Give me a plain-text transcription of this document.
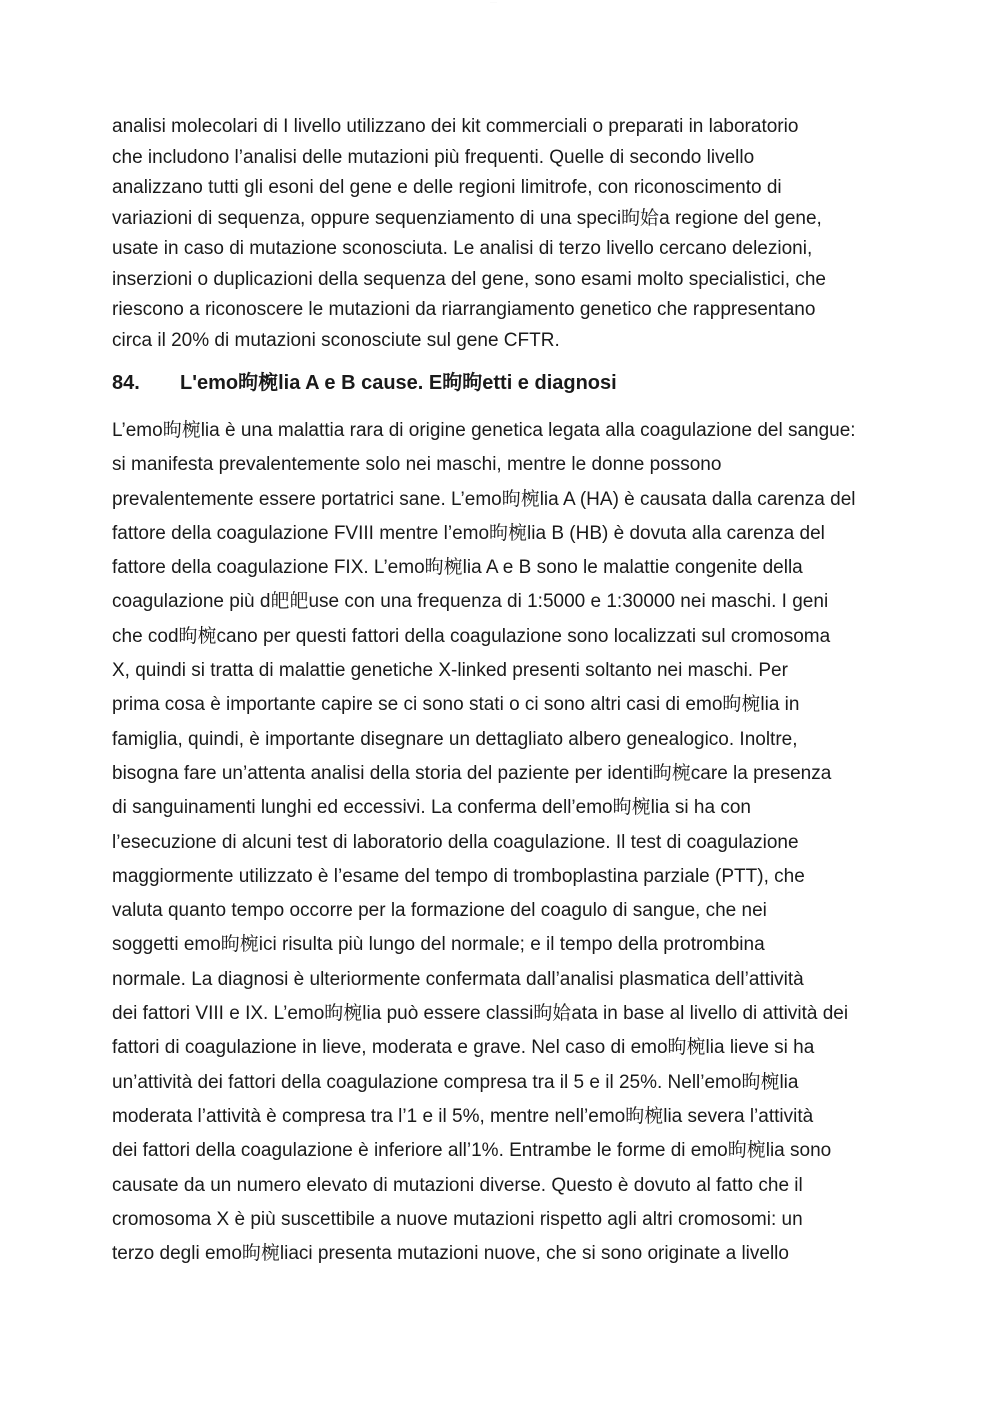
·······

analisi molecolari di I livello utilizzano dei kit commerciali o preparati in laboratorio
che includono l’analisi delle mutazioni più frequenti. Quelle di secondo livello
analizzano tutti gli esoni del gene e delle regioni limitrofe, con riconoscimento di
variazioni di sequenza, oppure sequenziamento di una speci昫姶a regione del gene,
usate in caso di mutazione sconosciuta. Le analisi di terzo livello cercano delezioni,
inserzioni o duplicazioni della sequenza del gene, sono esami molto specialistici, che
riescono a riconoscere le mutazioni da riarrangiamento genetico che rappresentano
circa il 20% di mutazioni sconosciute sul gene CFTR.

84. L'emo昫椀lia A e B cause. E昫昫etti e diagnosi

L’emo昫椀lia è una malattia rara di origine genetica legata alla coagulazione del sangue:
si manifesta prevalentemente solo nei maschi, mentre le donne possono
prevalentemente essere portatrici sane. L’emo昫椀lia A (HA) è causata dalla carenza del
fattore della coagulazione FVIII mentre l’emo昫椀lia B (HB) è dovuta alla carenza del
fattore della coagulazione FIX. L’emo昫椀lia A e B sono le malattie congenite della
coagulazione più d皅皅use con una frequenza di 1:5000 e 1:30000 nei maschi. I geni
che cod昫椀cano per questi fattori della coagulazione sono localizzati sul cromosoma
X, quindi si tratta di malattie genetiche X-linked presenti soltanto nei maschi. Per
prima cosa è importante capire se ci sono stati o ci sono altri casi di emo昫椀lia in
famiglia, quindi, è importante disegnare un dettagliato albero genealogico. Inoltre,
bisogna fare un’attenta analisi della storia del paziente per identi昫椀care la presenza
di sanguinamenti lunghi ed eccessivi. La conferma dell’emo昫椀lia si ha con
l’esecuzione di alcuni test di laboratorio della coagulazione. Il test di coagulazione
maggiormente utilizzato è l’esame del tempo di tromboplastina parziale (PTT), che
valuta quanto tempo occorre per la formazione del coagulo di sangue, che nei
soggetti emo昫椀ici risulta più lungo del normale; e il tempo della protrombina
normale. La diagnosi è ulteriormente confermata dall’analisi plasmatica dell’attività
dei fattori VIII e IX. L’emo昫椀lia può essere classi昫姶ata in base al livello di attività dei
fattori di coagulazione in lieve, moderata e grave. Nel caso di emo昫椀lia lieve si ha
un’attività dei fattori della coagulazione compresa tra il 5 e il 25%. Nell’emo昫椀lia
moderata l’attività è compresa tra l’1 e il 5%, mentre nell’emo昫椀lia severa l’attività
dei fattori della coagulazione è inferiore all’1%. Entrambe le forme di emo昫椀lia sono
causate da un numero elevato di mutazioni diverse. Questo è dovuto al fatto che il
cromosoma X è più suscettibile a nuove mutazioni rispetto agli altri cromosomi: un
terzo degli emo昫椀liaci presenta mutazioni nuove, che si sono originate a livello
